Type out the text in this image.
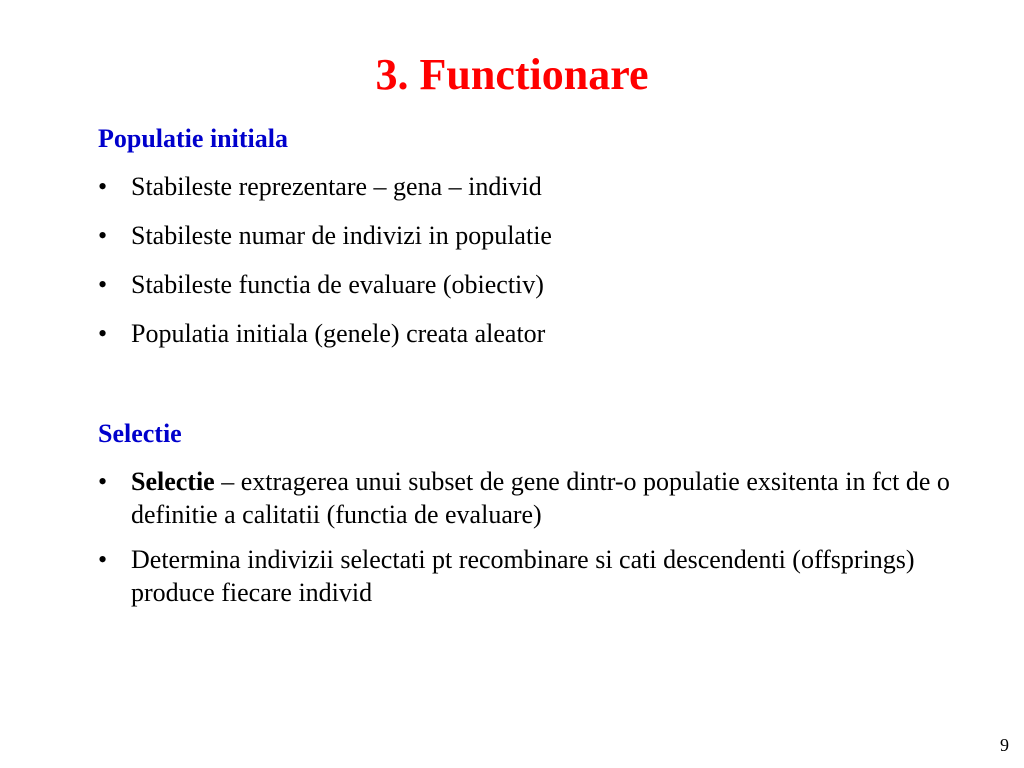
3. Functionare
Populatie initiala
• Stabileste reprezentare – gena – individ
• Stabileste numar de indivizi in populatie
• Stabileste functia de evaluare (obiectiv)
• Populatia initiala (genele) creata aleator
Selectie
• Selectie – extragerea unui subset de gene dintr-o populatie exsitenta in fct de o definitie a calitatii (functia de evaluare)
• Determina indivizii selectati pt recombinare si cati descendenti (offsprings) produce fiecare individ
9
